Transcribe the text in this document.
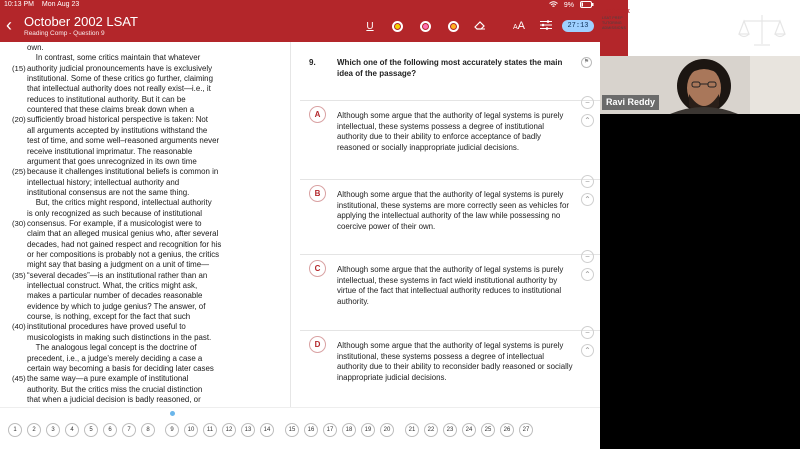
10:13 PM Mon Aug 23	9%
‹ October 2002 LSAT
Reading Comp - Question 9
U	AA	27:13
own.
In contrast, some critics maintain that whatever
(15)authority judicial pronouncements have is exclusively
institutional. Some of these critics go further, claiming
that intellectual authority does not really exist—i.e., it
reduces to institutional authority. But it can be
countered that these claims break down when a
(20)sufficiently broad historical perspective is taken: Not
all arguments accepted by institutions withstand the
test of time, and some well–reasoned arguments never
receive institutional imprimatur. The reasonable
argument that goes unrecognized in its own time
(25)because it challenges institutional beliefs is common in
intellectual history; intellectual authority and
institutional consensus are not the same thing.
But, the critics might respond, intellectual authority
is only recognized as such because of institutional
(30)consensus. For example, if a musicologist were to
claim that an alleged musical genius who, after several
decades, had not gained respect and recognition for his
or her compositions is probably not a genius, the critics
might say that basing a judgment on a unit of time—
(35)“several decades”—is an institutional rather than an
intellectual construct. What, the critics might ask,
makes a particular number of decades reasonable
evidence by which to judge genius? The answer, of
course, is nothing, except for the fact that such
(40)institutional procedures have proved useful to
musicologists in making such distinctions in the past.
The analogous legal concept is the doctrine of
precedent, i.e., a judge’s merely deciding a case a
certain way becoming a basis for deciding later cases
(45)the same way—a pure example of institutional
authority. But the critics miss the crucial distinction
that when a judicial decision is badly reasoned, or
9.	Which one of the following most accurately states the main idea of the passage?
⚑
A	Although some argue that the authority of legal systems is purely intellectual, these systems possess a degree of institutional authority due to their ability to enforce acceptance of badly reasoned or socially inappropriate judicial decisions.
−
⌃
B	Although some argue that the authority of legal systems is purely institutional, these systems are more correctly seen as vehicles for applying the intellectual authority of the law while possessing no coercive power of their own.
−
⌃
C	Although some argue that the authority of legal systems is purely intellectual, these systems in fact wield institutional authority by virtue of the fact that intellectual authority reduces to institutional authority.
−
⌃
D	Although some argue that the authority of legal systems is purely institutional, these systems possess a degree of intellectual authority due to their ability to reconsider badly reasoned or socially inappropriate judicial decisions.
−
⌃
1	2	3	4	5	6	7	8	9	10	11	12	13	14	15	16	17	18	19	20	21	22	23	24	25	26	27
lsatmax
LSAT PREP TUTORING ADMISSIONS
Ravi Reddy
